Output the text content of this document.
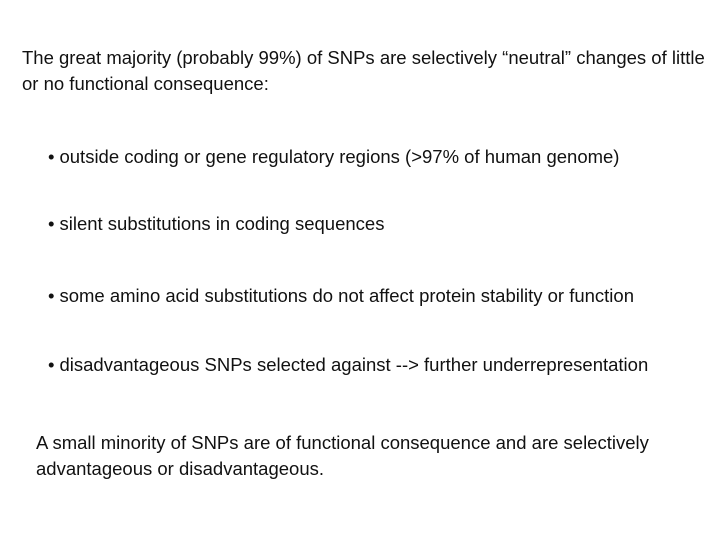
The great majority (probably 99%) of SNPs are selectively “neutral” changes of little or no functional consequence:

• outside coding or gene regulatory regions (>97% of human genome)

• silent substitutions in coding sequences

• some amino acid substitutions do not affect protein stability or function

• disadvantageous SNPs selected against --> further underrepresentation

A small minority of SNPs are of functional consequence and are selectively advantageous or disadvantageous.
